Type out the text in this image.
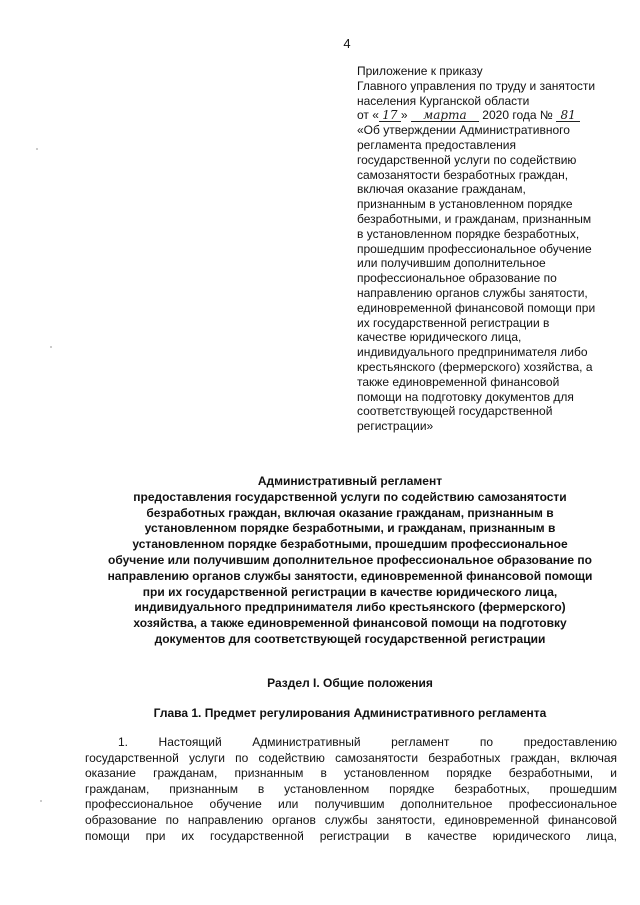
4
Приложение к приказу
Главного управления по труду и занятости
населения Курганской области
от « 17 » марта 2020 года № 81
«Об утверждении Административного
регламента предоставления
государственной услуги по содействию
самозанятости безработных граждан,
включая оказание гражданам,
признанным в установленном порядке
безработными, и гражданам, признанным
в установленном порядке безработных,
прошедшим профессиональное обучение
или получившим дополнительное
профессиональное образование по
направлению органов службы занятости,
единовременной финансовой помощи при
их государственной регистрации в
качестве юридического лица,
индивидуального предпринимателя либо
крестьянского (фермерского) хозяйства, а
также единовременной финансовой
помощи на подготовку документов для
соответствующей государственной
регистрации»
Административный регламент
предоставления государственной услуги по содействию самозанятости
безработных граждан, включая оказание гражданам, признанным в
установленном порядке безработными, и гражданам, признанным в
установленном порядке безработными, прошедшим профессиональное
обучение или получившим дополнительное профессиональное образование по
направлению органов службы занятости, единовременной финансовой помощи
при их государственной регистрации в качестве юридического лица,
индивидуального предпринимателя либо крестьянского (фермерского)
хозяйства, а также единовременной финансовой помощи на подготовку
документов для соответствующей государственной регистрации
Раздел I. Общие положения
Глава 1. Предмет регулирования Административного регламента
1. Настоящий Административный регламент по предоставлению
государственной услуги по содействию самозанятости безработных граждан, включая
оказание гражданам, признанным в установленном порядке безработными, и
гражданам, признанным в установленном порядке безработных, прошедшим
профессиональное обучение или получившим дополнительное профессиональное
образование по направлению органов службы занятости, единовременной финансовой
помощи при их государственной регистрации в качестве юридического лица,
